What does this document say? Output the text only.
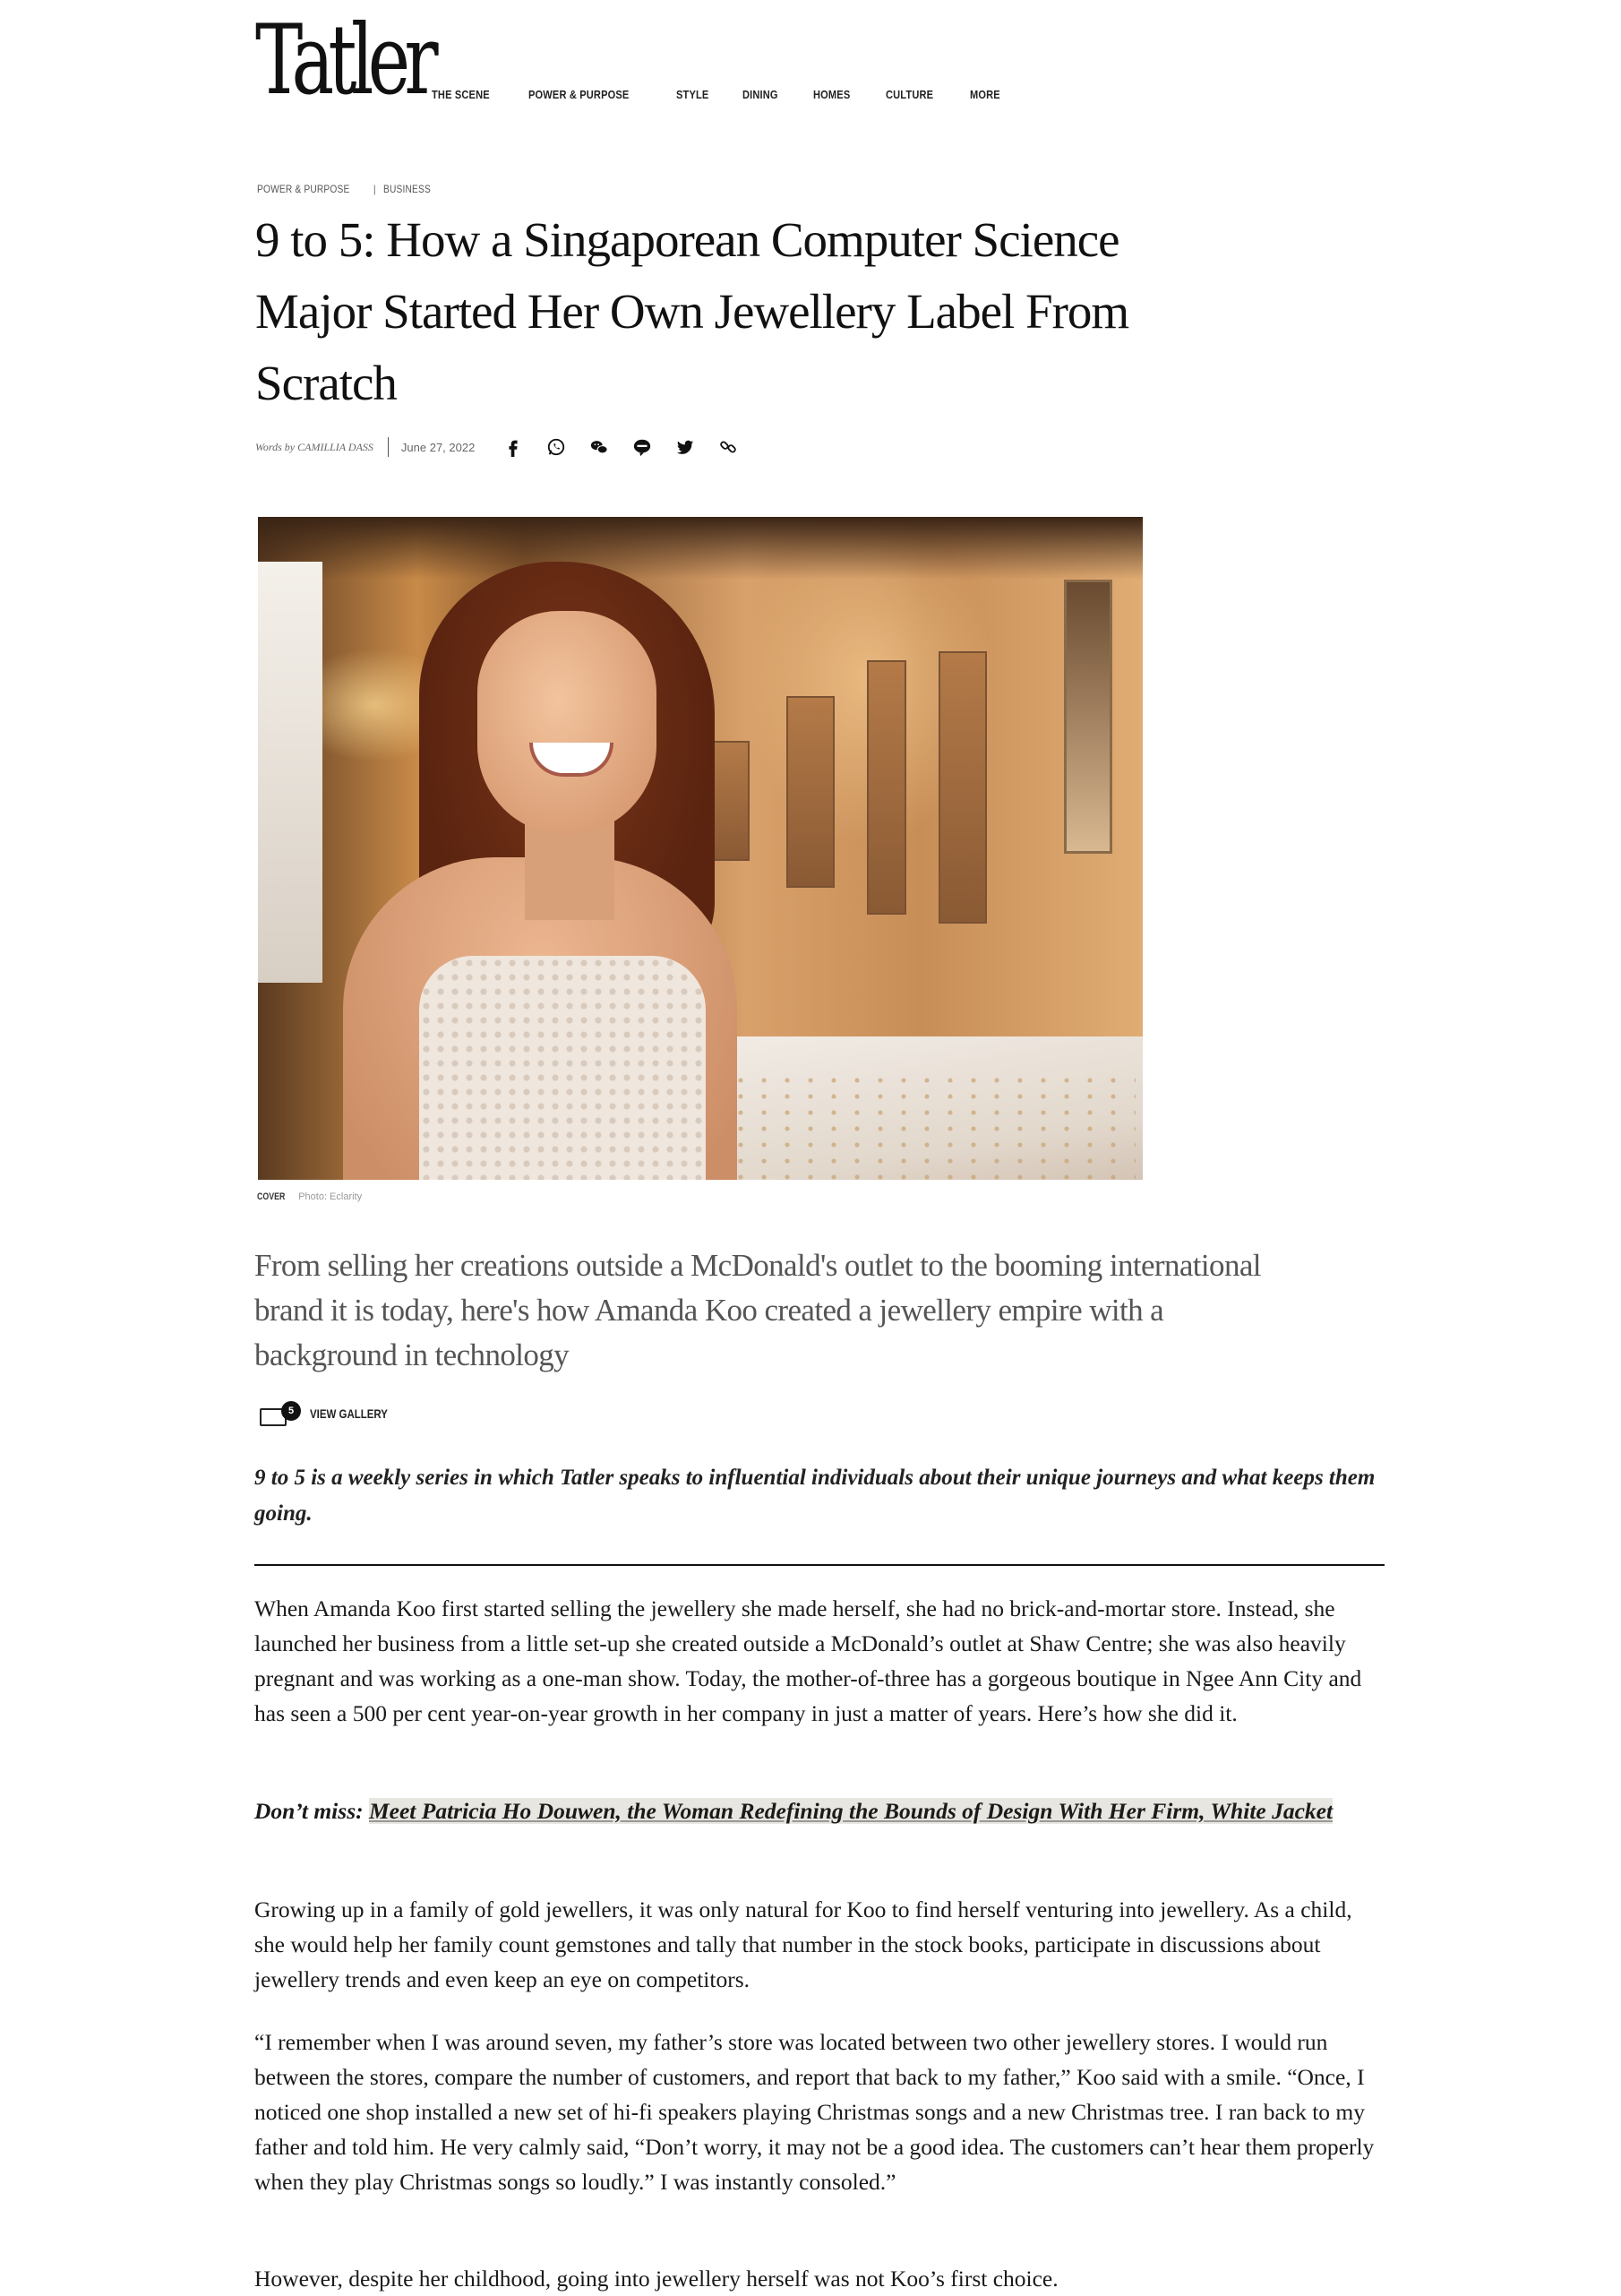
Tatler THE SCENE	POWER & PURPOSE	STYLE	DINING	HOMES	CULTURE	MORE
POWER & PURPOSE | BUSINESS
9 to 5: How a Singaporean Computer Science Major Started Her Own Jewellery Label From Scratch
Words by CAMILLIA DASS June 27, 2022
COVER Photo: Eclarity

From selling her creations outside a McDonald's outlet to the booming international brand it is today, here's how Amanda Koo created a jewellery empire with a background in technology

5	VIEW GALLERY

9 to 5 is a weekly series in which Tatler speaks to influential individuals about their unique journeys and what keeps them going.

When Amanda Koo first started selling the jewellery she made herself, she had no brick-and-mortar store. Instead, she launched her business from a little set-up she created outside a McDonald’s outlet at Shaw Centre; she was also heavily pregnant and was working as a one-man show. Today, the mother-of-three has a gorgeous boutique in Ngee Ann City and has seen a 500 per cent year-on-year growth in her company in just a matter of years. Here’s how she did it.

Don’t miss: Meet Patricia Ho Douwen, the Woman Redefining the Bounds of Design With Her Firm, White Jacket

Growing up in a family of gold jewellers, it was only natural for Koo to find herself venturing into jewellery. As a child, she would help her family count gemstones and tally that number in the stock books, participate in discussions about jewellery trends and even keep an eye on competitors.

“I remember when I was around seven, my father’s store was located between two other jewellery stores. I would run between the stores, compare the number of customers, and report that back to my father,” Koo said with a smile. “Once, I noticed one shop installed a new set of hi-fi speakers playing Christmas songs and a new Christmas tree. I ran back to my father and told him. He very calmly said, “Don’t worry, it may not be a good idea. The customers can’t hear them properly when they play Christmas songs so loudly.” I was instantly consoled.”

However, despite her childhood, going into jewellery herself was not Koo’s first choice.
